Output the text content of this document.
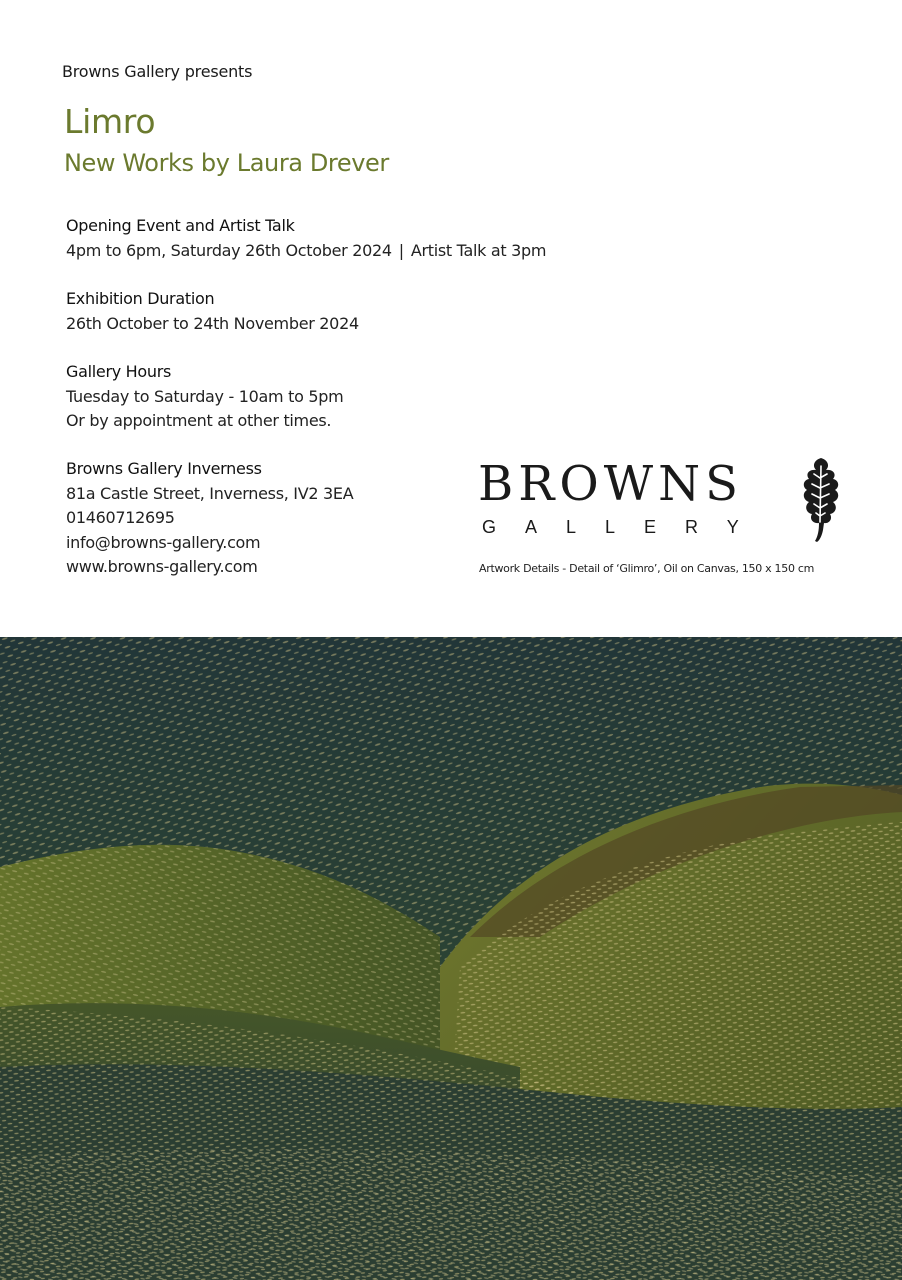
Browns Gallery presents
Limro
New Works by Laura Drever
Opening Event and Artist Talk
4pm to 6pm, Saturday 26th October 2024 | Artist Talk at 3pm
Exhibition Duration
26th October to 24th November 2024
Gallery Hours
Tuesday to Saturday - 10am to 5pm
Or by appointment at other times.
Browns Gallery Inverness
81a Castle Street, Inverness, IV2 3EA
01460712695
info@browns-gallery.com
www.browns-gallery.com
BROWNS
GALLERY
Artwork Details - Detail of ‘Glimro’, Oil on Canvas, 150 x 150 cm
